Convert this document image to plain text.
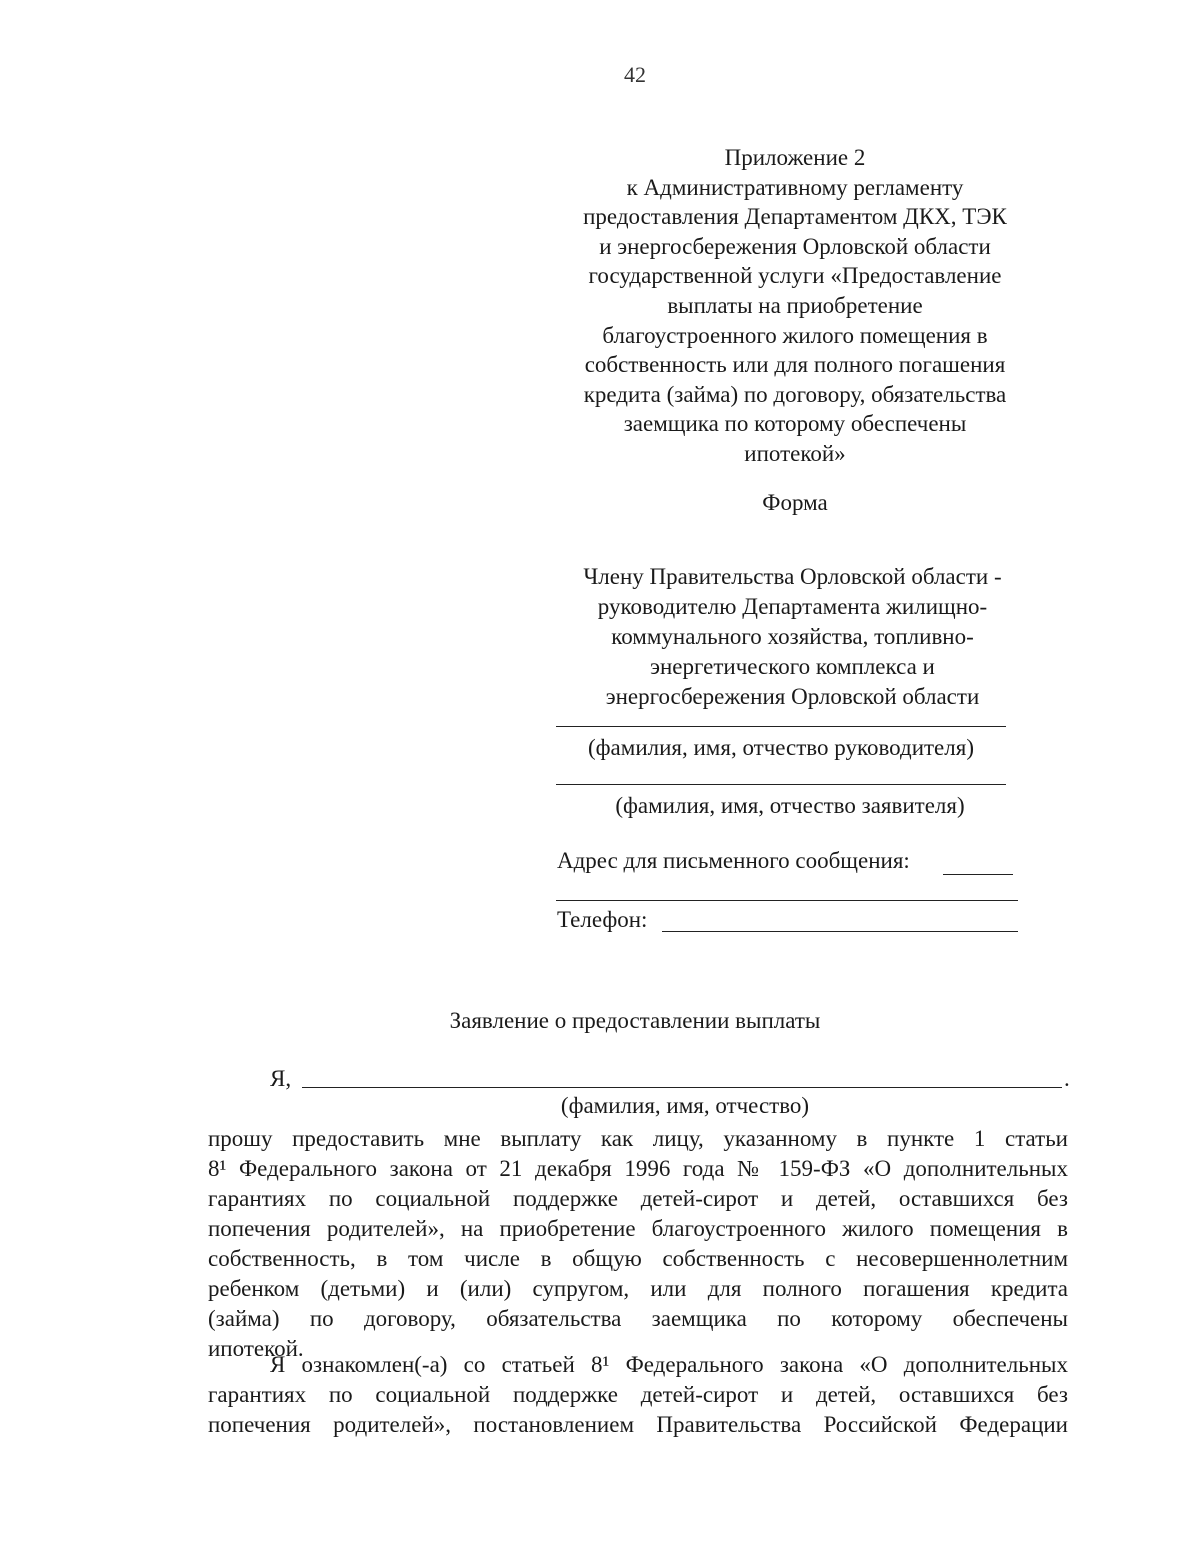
42
Приложение 2
к Административному регламенту
предоставления Департаментом ДКХ, ТЭК
и энергосбережения Орловской области
государственной услуги «Предоставление
выплаты на приобретение
благоустроенного жилого помещения в
собственность или для полного погашения
кредита (займа) по договору, обязательства
заемщика по которому обеспечены
ипотекой»
Форма
Члену Правительства Орловской области -
руководителю Департамента жилищно-
коммунального хозяйства, топливно-
энергетического комплекса и
энергосбережения Орловской области
(фамилия, имя, отчество руководителя)
(фамилия, имя, отчество заявителя)
Адрес для письменного сообщения:
Телефон:
Заявление о предоставлении выплаты
Я,	.
(фамилия, имя, отчество)
прошу предоставить мне выплату как лицу, указанному в пункте 1 статьи
8¹ Федерального закона от 21 декабря 1996 года № 159-ФЗ «О дополнительных
гарантиях по социальной поддержке детей-сирот и детей, оставшихся без
попечения родителей», на приобретение благоустроенного жилого помещения в
собственность, в том числе в общую собственность с несовершеннолетним
ребенком (детьми) и (или) супругом, или для полного погашения кредита
(займа) по договору, обязательства заемщика по которому обеспечены
ипотекой.
Я ознакомлен(-а) со статьей 8¹ Федерального закона «О дополнительных
гарантиях по социальной поддержке детей-сирот и детей, оставшихся без
попечения родителей», постановлением Правительства Российской Федерации
